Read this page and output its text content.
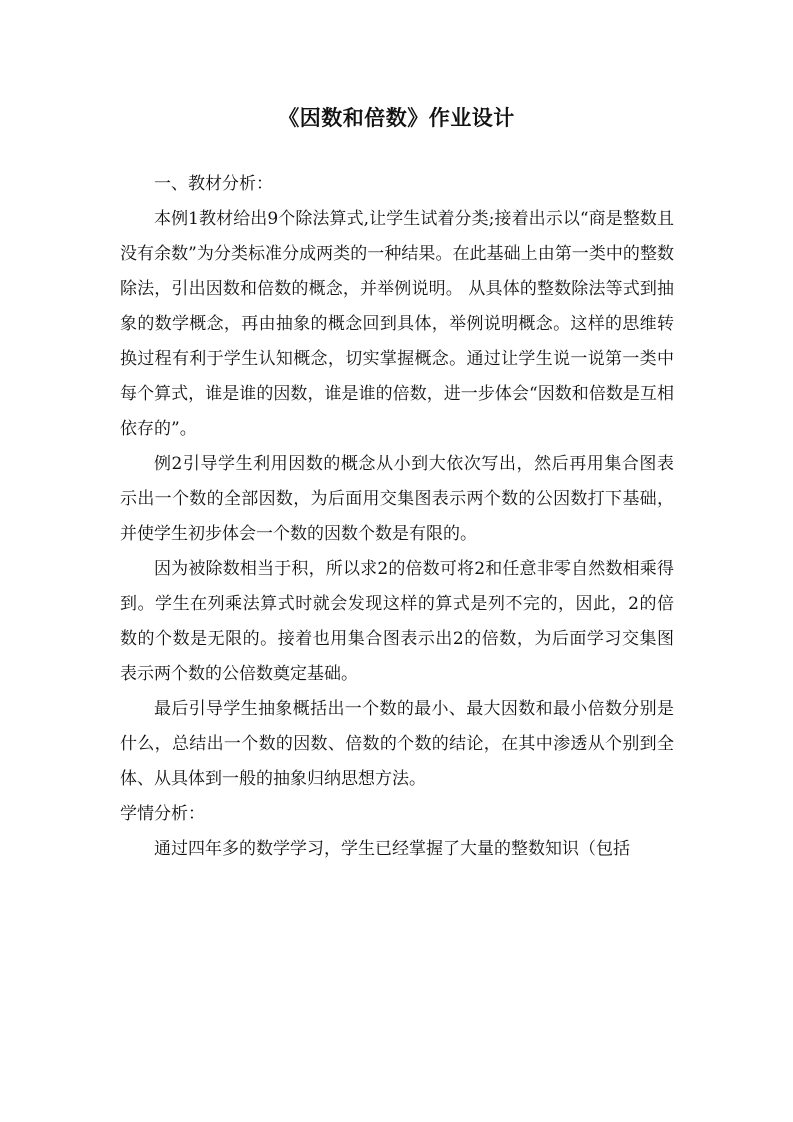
《因数和倍数》作业设计

一、教材分析：

本例1教材给出9个除法算式,让学生试着分类;接着出示以“商是整数且没有余数”为分类标准分成两类的一种结果。在此基础上由第一类中的整数除法，引出因数和倍数的概念，并举例说明。 从具体的整数除法等式到抽象的数学概念，再由抽象的概念回到具体，举例说明概念。这样的思维转换过程有利于学生认知概念，切实掌握概念。通过让学生说一说第一类中每个算式，谁是谁的因数，谁是谁的倍数，进一步体会“因数和倍数是互相依存的”。

例2引导学生利用因数的概念从小到大依次写出，然后再用集合图表示出一个数的全部因数，为后面用交集图表示两个数的公因数打下基础，并使学生初步体会一个数的因数个数是有限的。

因为被除数相当于积，所以求2的倍数可将2和任意非零自然数相乘得到。学生在列乘法算式时就会发现这样的算式是列不完的，因此，2的倍数的个数是无限的。接着也用集合图表示出2的倍数，为后面学习交集图表示两个数的公倍数奠定基础。

最后引导学生抽象概括出一个数的最小、最大因数和最小倍数分别是什么，总结出一个数的因数、倍数的个数的结论，在其中渗透从个别到全体、从具体到一般的抽象归纳思想方法。

学情分析：

通过四年多的数学学习，学生已经掌握了大量的整数知识（包括
